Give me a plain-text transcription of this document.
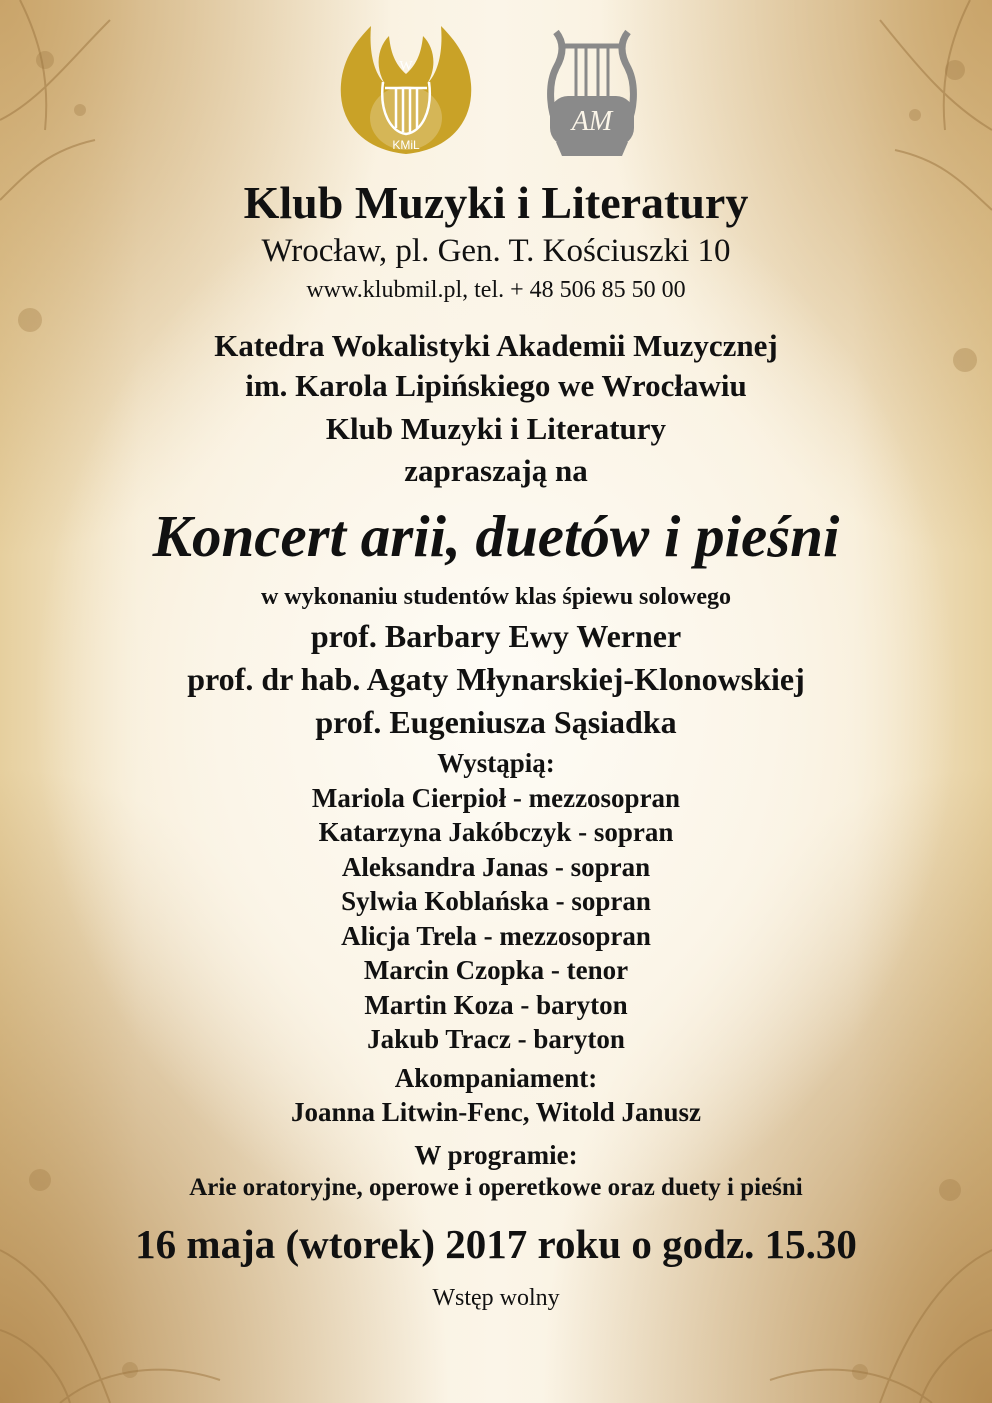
W
KMiL
AM
Klub Muzyki i Literatury
Wrocław, pl. Gen. T. Kościuszki 10
www.klubmil.pl, tel. + 48 506 85 50 00
Katedra Wokalistyki Akademii Muzycznej
im. Karola Lipińskiego we Wrocławiu
Klub Muzyki i Literatury
zapraszają na
Koncert arii, duetów i pieśni
w wykonaniu studentów klas śpiewu solowego
prof. Barbary Ewy Werner
prof. dr hab. Agaty Młynarskiej-Klonowskiej
prof. Eugeniusza Sąsiadka
Wystąpią:
Mariola Cierpioł - mezzosopran
Katarzyna Jakóbczyk - sopran
Aleksandra Janas - sopran
Sylwia Koblańska - sopran
Alicja Trela - mezzosopran
Marcin Czopka - tenor
Martin Koza - baryton
Jakub Tracz - baryton
Akompaniament:
Joanna Litwin-Fenc, Witold Janusz
W programie:
Arie oratoryjne, operowe i operetkowe oraz duety i pieśni
16 maja (wtorek) 2017 roku o godz. 15.30
Wstęp wolny
